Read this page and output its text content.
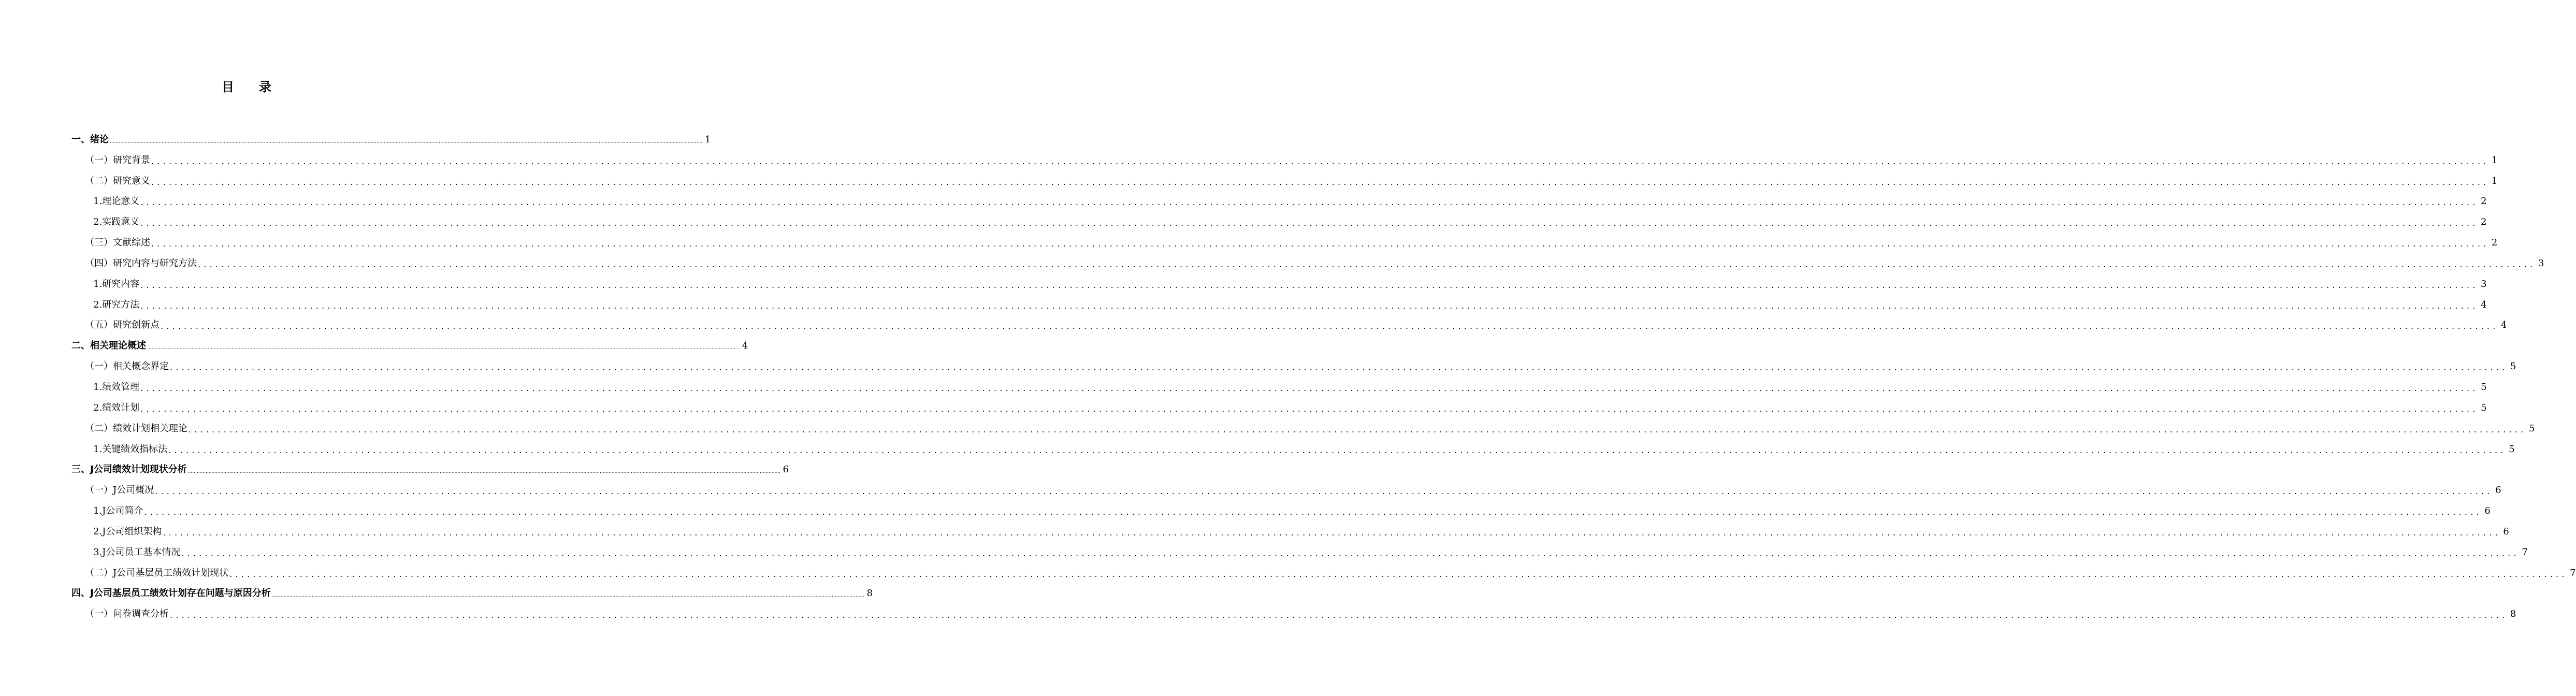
目录
一、绪论 ................................................................................................................................................................................................................................................................................................................................................................................................................ 1
（一）研究背景 ................................................................................................................................................................................................................................................................................................................................................................................................................ 1
（二）研究意义 ................................................................................................................................................................................................................................................................................................................................................................................................................ 1
1.理论意义 ................................................................................................................................................................................................................................................................................................................................................................................................................ 2
2.实践意义 ................................................................................................................................................................................................................................................................................................................................................................................................................ 2
（三）文献综述 ................................................................................................................................................................................................................................................................................................................................................................................................................ 2
（四）研究内容与研究方法 ................................................................................................................................................................................................................................................................................................................................................................................................................ 3
1.研究内容 ................................................................................................................................................................................................................................................................................................................................................................................................................ 3
2.研究方法 ................................................................................................................................................................................................................................................................................................................................................................................................................ 4
（五）研究创新点 ................................................................................................................................................................................................................................................................................................................................................................................................................ 4
二、相关理论概述 ................................................................................................................................................................................................................................................................................................................................................................................................................ 4
（一）相关概念界定 ................................................................................................................................................................................................................................................................................................................................................................................................................ 5
1.绩效管理 ................................................................................................................................................................................................................................................................................................................................................................................................................ 5
2.绩效计划 ................................................................................................................................................................................................................................................................................................................................................................................................................ 5
（二）绩效计划相关理论 ................................................................................................................................................................................................................................................................................................................................................................................................................ 5
1.关键绩效指标法 ................................................................................................................................................................................................................................................................................................................................................................................................................ 5
三、J公司绩效计划现状分析 ................................................................................................................................................................................................................................................................................................................................................................................................................ 6
（一）J公司概况 ................................................................................................................................................................................................................................................................................................................................................................................................................ 6
1.J公司简介 ................................................................................................................................................................................................................................................................................................................................................................................................................ 6
2.J公司组织架构 ................................................................................................................................................................................................................................................................................................................................................................................................................ 6
3.J公司员工基本情况 ................................................................................................................................................................................................................................................................................................................................................................................................................ 7
（二）J公司基层员工绩效计划现状 ................................................................................................................................................................................................................................................................................................................................................................................................................ 7
四、J公司基层员工绩效计划存在问题与原因分析 ................................................................................................................................................................................................................................................................................................................................................................................................................ 8
（一）问卷调查分析 ................................................................................................................................................................................................................................................................................................................................................................................................................ 8
